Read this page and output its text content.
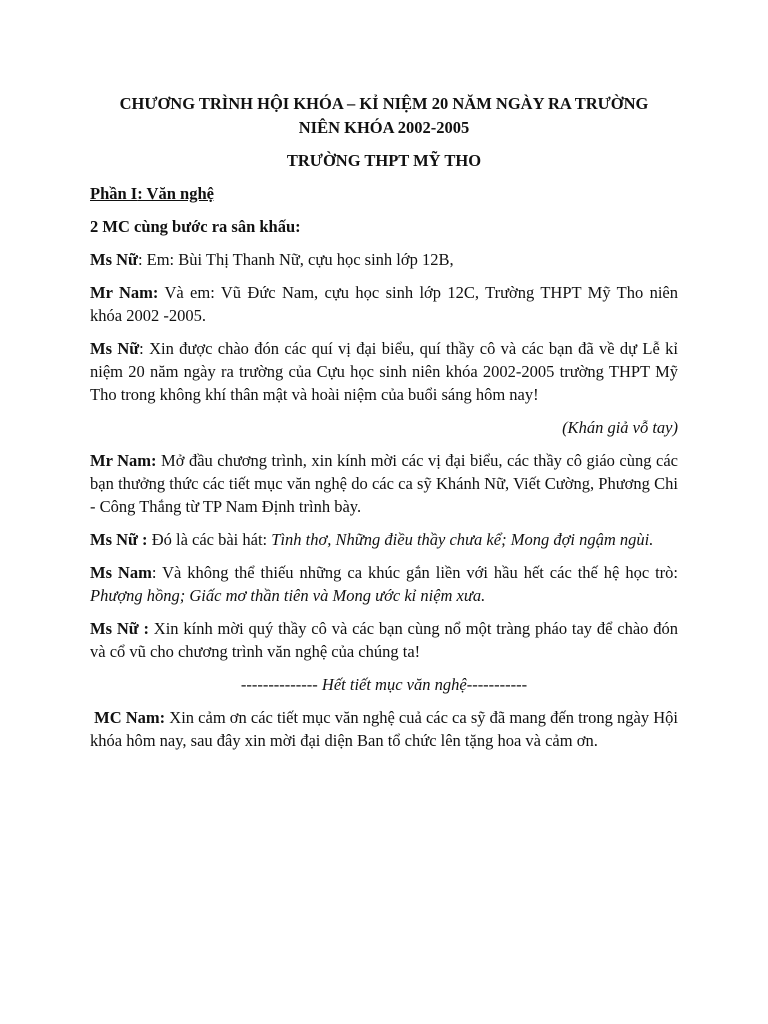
CHƯƠNG TRÌNH HỘI KHÓA – KỈ NIỆM 20 NĂM NGÀY RA TRƯỜNG
NIÊN KHÓA 2002-2005
TRƯỜNG THPT MỸ THO
Phần I: Văn nghệ

2 MC cùng bước ra sân khấu:

Ms Nữ: Em: Bùi Thị Thanh Nữ, cựu học sinh lớp 12B,

Mr Nam: Và em: Vũ Đức Nam, cựu học sinh lớp 12C, Trường THPT Mỹ Tho niên khóa 2002 -2005.

Ms Nữ: Xin được chào đón các quí vị đại biểu, quí thầy cô và các bạn đã về dự Lễ kỉ niệm 20 năm ngày ra trường của Cựu học sinh niên khóa 2002-2005 trường THPT Mỹ Tho trong không khí thân mật và hoài niệm của buổi sáng hôm nay!

(Khán giả vỗ tay)

Mr Nam: Mở đầu chương trình, xin kính mời các vị đại biểu, các thầy cô giáo cùng các bạn thưởng thức các tiết mục văn nghệ do các ca sỹ Khánh Nữ, Viết Cường, Phương Chi - Công Thắng từ TP Nam Định trình bày.

Ms Nữ : Đó là các bài hát: Tình thơ, Những điều thầy chưa kể; Mong đợi ngậm ngùi.

Ms Nam: Và không thể thiếu những ca khúc gắn liền với hầu hết các thế hệ học trò: Phượng hồng; Giấc mơ thần tiên và Mong ước kỉ niệm xưa.

Ms Nữ : Xin kính mời quý thầy cô và các bạn cùng nổ một tràng pháo tay để chào đón và cổ vũ cho chương trình văn nghệ của chúng ta!

-------------- Hết tiết mục văn nghệ-----------

MC Nam: Xin cảm ơn các tiết mục văn nghệ cuả các ca sỹ đã mang đến trong ngày Hội khóa hôm nay, sau đây xin mời đại diện Ban tổ chức lên tặng hoa và cảm ơn.
